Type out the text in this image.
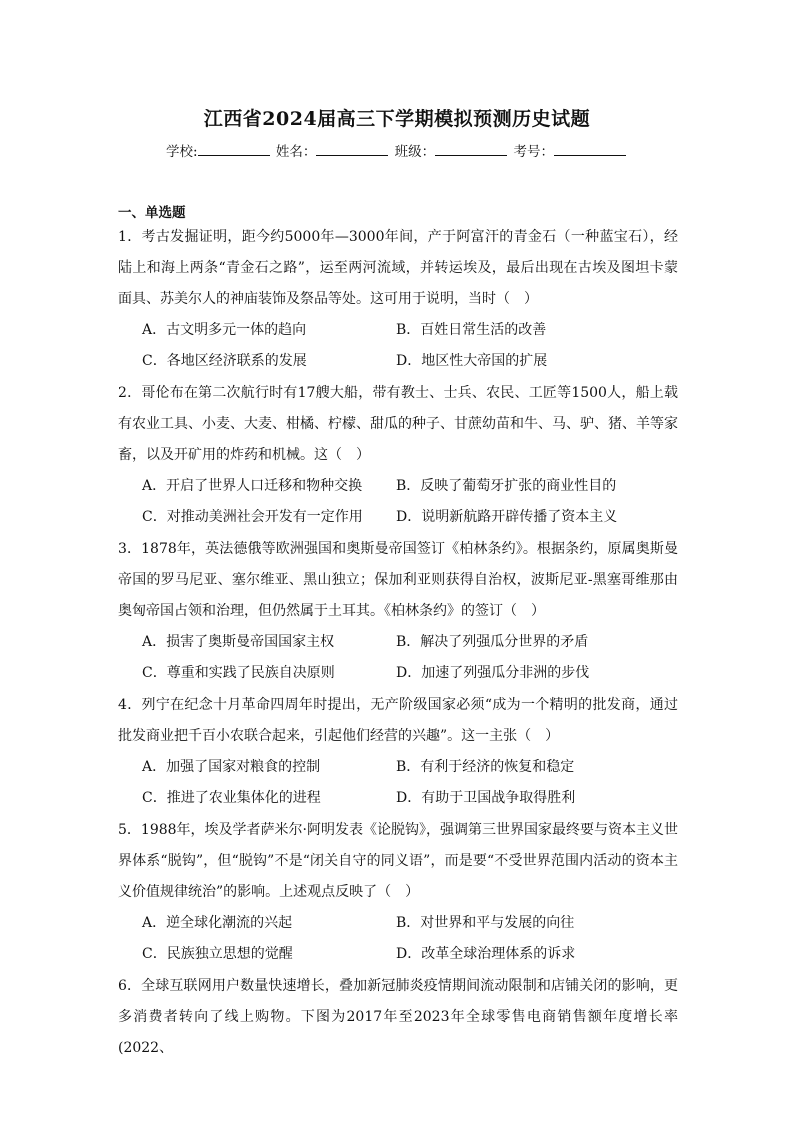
江西省2024届高三下学期模拟预测历史试题
学校:	姓名：	班级：	考号：
一、单选题
1．考古发掘证明，距今约5000年—3000年间，产于阿富汗的青金石（一种蓝宝石），经陆上和海上两条“青金石之路”，运至两河流域，并转运埃及，最后出现在古埃及图坦卡蒙面具、苏美尔人的神庙装饰及祭品等处。这可用于说明，当时（　）
A．古文明多元一体的趋向	B．百姓日常生活的改善
C．各地区经济联系的发展	D．地区性大帝国的扩展
2．哥伦布在第二次航行时有17艘大船，带有教士、士兵、农民、工匠等1500人，船上载有农业工具、小麦、大麦、柑橘、柠檬、甜瓜的种子、甘蔗幼苗和牛、马、驴、猪、羊等家畜，以及开矿用的炸药和机械。这（　）
A．开启了世界人口迁移和物种交换 B．反映了葡萄牙扩张的商业性目的
C．对推动美洲社会开发有一定作用 D．说明新航路开辟传播了资本主义
3．1878年，英法德俄等欧洲强国和奥斯曼帝国签订《柏林条约》。根据条约，原属奥斯曼帝国的罗马尼亚、塞尔维亚、黑山独立；保加利亚则获得自治权，波斯尼亚-黑塞哥维那由奥匈帝国占领和治理，但仍然属于土耳其。《柏林条约》的签订（　）
A．损害了奥斯曼帝国国家主权	B．解决了列强瓜分世界的矛盾
C．尊重和实践了民族自决原则	D．加速了列强瓜分非洲的步伐
4．列宁在纪念十月革命四周年时提出，无产阶级国家必须“成为一个精明的批发商，通过批发商业把千百小农联合起来，引起他们经营的兴趣”。这一主张（　）
A．加强了国家对粮食的控制	B．有利于经济的恢复和稳定
C．推进了农业集体化的进程	D．有助于卫国战争取得胜利
5．1988年，埃及学者萨米尔·阿明发表《论脱钩》，强调第三世界国家最终要与资本主义世界体系“脱钩”，但“脱钩”不是“闭关自守的同义语”，而是要“不受世界范围内活动的资本主义价值规律统治”的影响。上述观点反映了（　）
A．逆全球化潮流的兴起	B．对世界和平与发展的向往
C．民族独立思想的觉醒	D．改革全球治理体系的诉求
6．全球互联网用户数量快速增长，叠加新冠肺炎疫情期间流动限制和店铺关闭的影响，更多消费者转向了线上购物。下图为2017年至2023年全球零售电商销售额年度增长率(2022、
